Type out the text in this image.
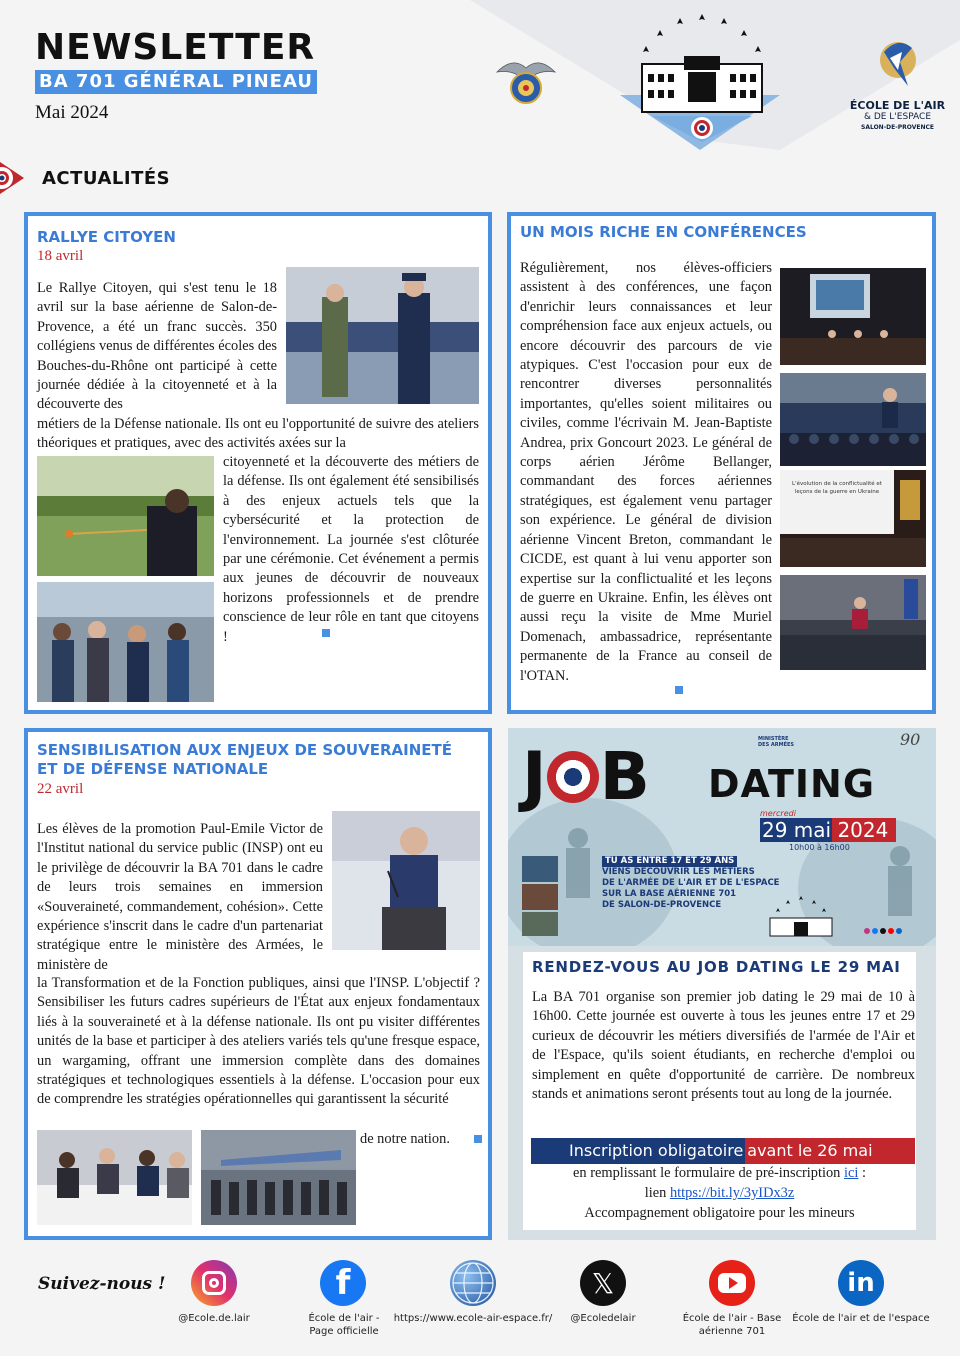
NEWSLETTER
BA 701 GÉNÉRAL PINEAU
Mai 2024	ÉCOLE DE L'AIR
& DE L'ESPACE
SALON-DE-PROVENCE
ACTUALITÉS
RALLYE CITOYEN
18 avril
Le Rallye Citoyen, qui s'est tenu le 18 avril sur la base aérienne de Salon-de-Provence, a été un franc succès. 350 collégiens venus de différentes écoles des Bouches-du-Rhône ont participé à cette journée dédiée à la citoyenneté et à la découverte des
métiers de la Défense nationale. Ils ont eu l'opportunité de suivre des ateliers théoriques et pratiques, avec des activités axées sur la
citoyenneté et la découverte des métiers de la défense. Ils ont également été sensibilisés à des enjeux actuels tels que la cybersécurité et la protection de l'environnement. La journée s'est clôturée par une cérémonie. Cet événement a permis aux jeunes de découvrir de nouveaux horizons professionnels et de prendre conscience de leur rôle en tant que citoyens !
UN MOIS RICHE EN CONFÉRENCES
Régulièrement, nos élèves-officiers assistent à des conférences, une façon d'enrichir leurs connaissances et leur compréhension face aux enjeux actuels, ou encore découvrir des parcours de vie atypiques. C'est l'occasion pour eux de rencontrer diverses personnalités importantes, qu'elles soient militaires ou civiles, comme l'écrivain M. Jean-Baptiste Andrea, prix Goncourt 2023. Le général de corps aérien Jérôme Bellanger, commandant des forces aériennes stratégiques, est également venu partager son expérience. Le général de division aérienne Vincent Breton, commandant le CICDE, est quant à lui venu apporter son expertise sur la conflictualité et les leçons de guerre en Ukraine. Enfin, les élèves ont aussi reçu la visite de Mme Muriel Domenach, ambassadrice, représentante permanente de la France au conseil de l'OTAN.
L'évolution de la conflictualité et leçons de la guerre en Ukraine
SENSIBILISATION AUX ENJEUX DE SOUVERAINETÉ ET DE DÉFENSE NATIONALE
22 avril
Les élèves de la promotion Paul-Emile Victor de l'Institut national du service public (INSP) ont eu le privilège de découvrir la BA 701 dans le cadre de leurs trois semaines en immersion «Souveraineté, commandement, cohésion». Cette expérience s'inscrit dans le cadre d'un partenariat stratégique entre le ministère des Armées, le ministère de
la Transformation et de la Fonction publiques, ainsi que l'INSP. L'objectif ? Sensibiliser les futurs cadres supérieurs de l'État aux enjeux fondamentaux liés à la souveraineté et à la défense nationale. Ils ont pu visiter différentes unités de la base et participer à des ateliers variés tels qu'une fresque espace, un wargaming, offrant une immersion complète dans des domaines stratégiques et technologiques essentiels à la défense. L'occasion pour eux de comprendre les stratégies opérationnelles qui garantissent la sécurité
de notre nation.
J B DATING
MINISTÈRE DES ARMÉES	90
mercredi
29 mai 2024
10h00 à 16h00
TU AS ENTRE 17 ET 29 ANS
VIENS DÉCOUVRIR LES MÉTIERS
DE L'ARMÉE DE L'AIR ET DE L'ESPACE
SUR LA BASE AÉRIENNE 701
DE SALON-DE-PROVENCE
RENDEZ-VOUS AU JOB DATING LE 29 MAI
La BA 701 organise son premier job dating le 29 mai de 10 à 16h00. Cette journée est ouverte à tous les jeunes entre 17 et 29 curieux de découvrir les métiers diversifiés de l'armée de l'Air et de l'Espace, qu'ils soient étudiants, en recherche d'emploi ou simplement en quête d'opportunité de carrière. De nombreux stands et animations seront présents tout au long de la journée.
Inscription obligatoire avant le 26 mai
en remplissant le formulaire de pré-inscription ici :
lien https://bit.ly/3yIDx3z
Accompagnement obligatoire pour les mineurs
Suivez-nous !
@Ecole.de.lair
f
École de l'air - Page officielle
https://www.ecole-air-espace.fr/
𝕏
@Ecoledelair	École de l'air - Base aérienne 701
in
École de l'air et de l'espace
